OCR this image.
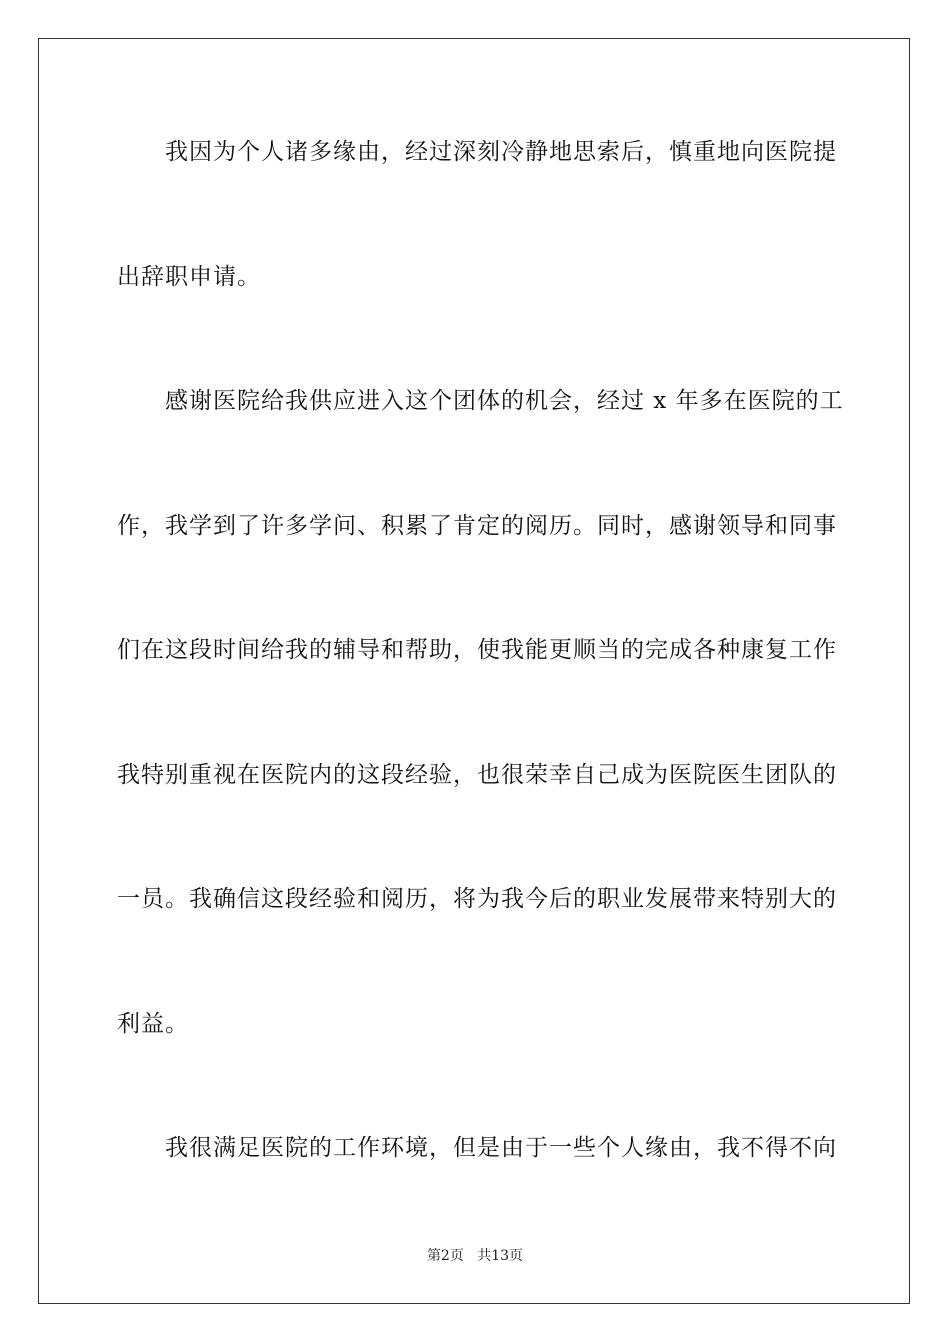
我因为个人诸多缘由，经过深刻冷静地思索后，慎重地向医院提
出辞职申请。
感谢医院给我供应进入这个团体的机会，经过 x 年多在医院的工
作，我学到了许多学问、积累了肯定的阅历。同时，感谢领导和同事
们在这段时间给我的辅导和帮助，使我能更顺当的完成各种康复工作
我特别重视在医院内的这段经验，也很荣幸自己成为医院医生团队的
一员。我确信这段经验和阅历，将为我今后的职业发展带来特别大的
利益。
我很满足医院的工作环境，但是由于一些个人缘由，我不得不向
第2页 共13页
